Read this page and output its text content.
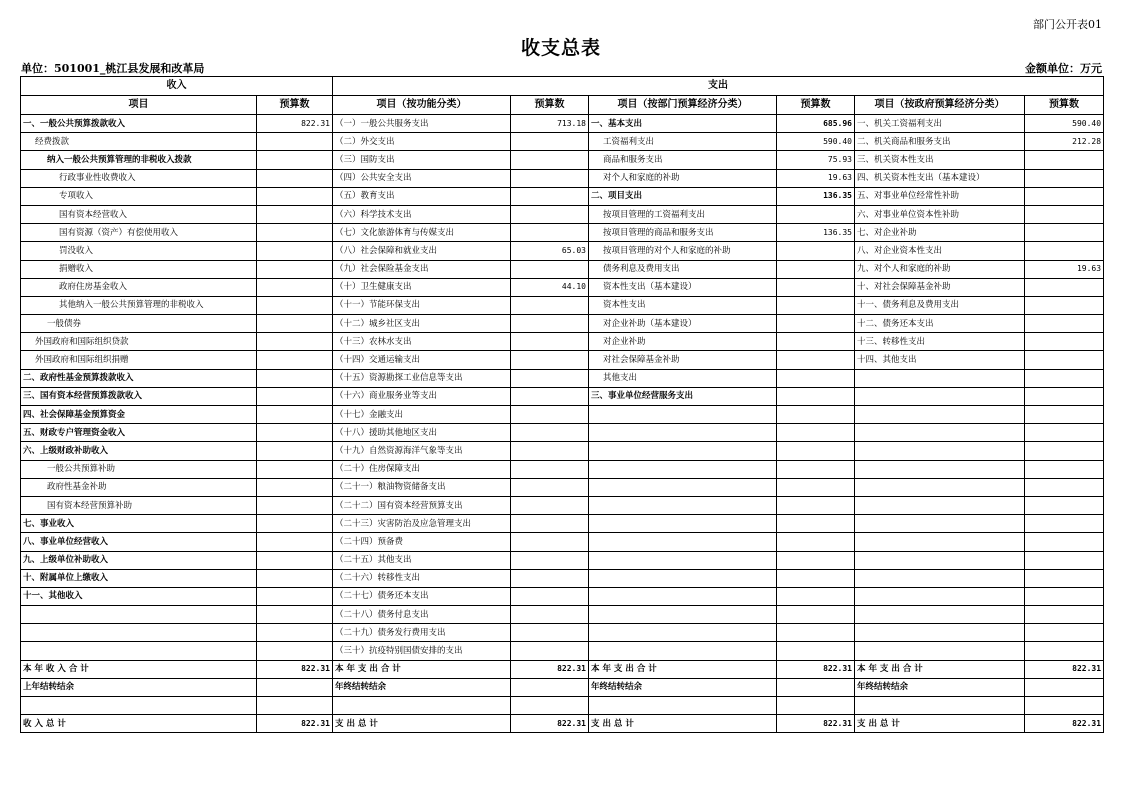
部门公开表01
收支总表
单位：501001_桃江县发展和改革局	金额单位：万元
收入		支出					
项目	预算数	项目（按功能分类）	预算数	项目（按部门预算经济分类）	预算数	项目（按政府预算经济分类）	预算数
一、一般公共预算拨款收入	822.31	（一）一般公共服务支出	713.18	一、基本支出	685.96	一、机关工资福利支出	590.40
经费拨款		（二）外交支出		工资福利支出	590.40	二、机关商品和服务支出	212.28
纳入一般公共预算管理的非税收入拨款		（三）国防支出		商品和服务支出	75.93	三、机关资本性支出	
行政事业性收费收入		（四）公共安全支出		对个人和家庭的补助	19.63	四、机关资本性支出（基本建设）	
专项收入		（五）教育支出		二、项目支出	136.35	五、对事业单位经常性补助	
国有资本经营收入		（六）科学技术支出		按项目管理的工资福利支出		六、对事业单位资本性补助	
国有资源（资产）有偿使用收入		（七）文化旅游体育与传媒支出		按项目管理的商品和服务支出	136.35	七、对企业补助	
罚没收入		（八）社会保障和就业支出	65.03	按项目管理的对个人和家庭的补助		八、对企业资本性支出	
捐赠收入		（九）社会保险基金支出		债务利息及费用支出		九、对个人和家庭的补助	19.63
政府住房基金收入		（十）卫生健康支出	44.10	资本性支出（基本建设）		十、对社会保障基金补助	
其他纳入一般公共预算管理的非税收入		（十一）节能环保支出		资本性支出		十一、债务利息及费用支出	
一般债券		（十二）城乡社区支出		对企业补助（基本建设）		十二、债务还本支出	
外国政府和国际组织贷款		（十三）农林水支出		对企业补助		十三、转移性支出	
外国政府和国际组织捐赠		（十四）交通运输支出		对社会保障基金补助		十四、其他支出	
二、政府性基金预算拨款收入		（十五）资源勘探工业信息等支出		其他支出			
三、国有资本经营预算拨款收入		（十六）商业服务业等支出		三、事业单位经营服务支出			
四、社会保障基金预算资金		（十七）金融支出					
五、财政专户管理资金收入		（十八）援助其他地区支出					
六、上级财政补助收入		（十九）自然资源海洋气象等支出					
一般公共预算补助		（二十）住房保障支出					
政府性基金补助		（二十一）粮油物资储备支出					
国有资本经营预算补助		（二十二）国有资本经营预算支出					
七、事业收入		（二十三）灾害防治及应急管理支出					
八、事业单位经营收入		（二十四）预备费					
九、上级单位补助收入		（二十五）其他支出					
十、附属单位上缴收入		（二十六）转移性支出					
十一、其他收入		（二十七）债务还本支出					
		（二十八）债务付息支出					
		（二十九）债务发行费用支出					
		（三十）抗疫特别国债安排的支出					
本 年 收 入 合 计	822.31	本 年 支 出 合 计	822.31	本 年 支 出 合 计	822.31	本 年 支 出 合 计	822.31
上年结转结余		年终结转结余		年终结转结余		年终结转结余	

收 入 总 计	822.31	支 出 总 计	822.31	支 出 总 计	822.31	支 出 总 计	822.31
